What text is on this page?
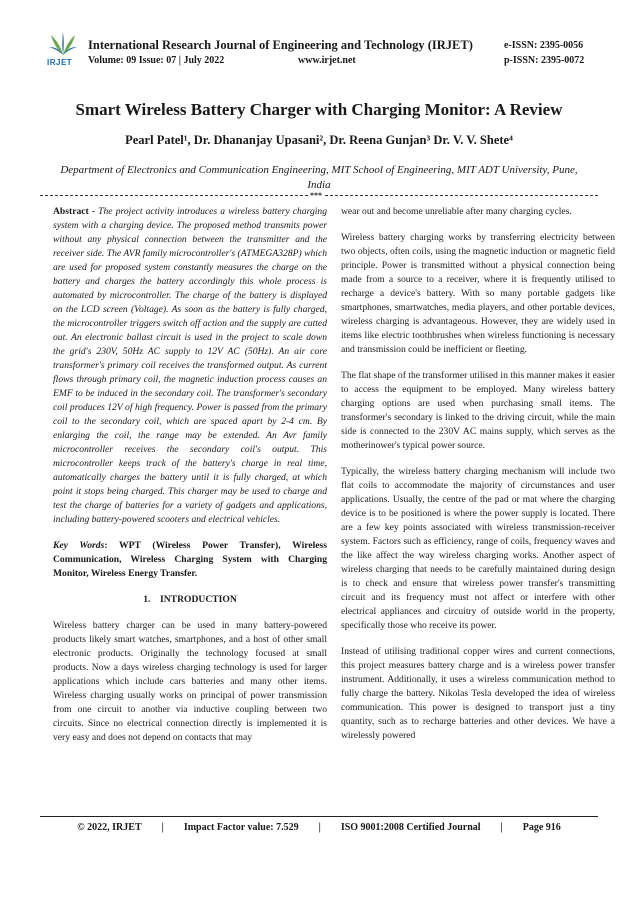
IRJET
International Research Journal of Engineering and Technology (IRJET)	e-ISSN: 2395-0056
Volume: 09 Issue: 07 | July 2022	www.irjet.net	p-ISSN: 2395-0072
Smart Wireless Battery Charger with Charging Monitor: A Review
Pearl Patel¹, Dr. Dhananjay Upasani², Dr. Reena Gunjan³ Dr. V. V. Shete⁴
Department of Electronics and Communication Engineering, MIT School of Engineering, MIT ADT University, Pune, India
***

Abstract - The project activity introduces a wireless battery charging system with a charging device. The proposed method transmits power without any physical connection between the transmitter and the receiver side. The AVR family microcontroller's (ATMEGA328P) which are used for proposed system constantly measures the charge on the battery and charges the battery accordingly this whole process is automated by microcontroller. The charge of the battery is displayed on the LCD screen (Voltage). As soon as the battery is fully charged, the microcontroller triggers switch off action and the supply are cutted out. An electronic ballast circuit is used in the project to scale down the grid's 230V, 50Hz AC supply to 12V AC (50Hz). An air core transformer's primary coil receives the transformed output. As current flows through primary coil, the magnetic induction process causes an EMF to be induced in the secondary coil. The transformer's secondary coil produces 12V of high frequency. Power is passed from the primary coil to the secondary coil, which are spaced apart by 2-4 cm. By enlarging the coil, the range may be extended. An Avr family microcontroller receives the secondary coil's output. This microcontroller keeps track of the battery's charge in real time, automatically charges the battery until it is fully charged, at which point it stops being charged. This charger may be used to charge and test the charge of batteries for a variety of gadgets and applications, including battery-powered scooters and electrical vehicles.

Key Words: WPT (Wireless Power Transfer), Wireless Communication, Wireless Charging System with Charging Monitor, Wireless Energy Transfer.

1.    INTRODUCTION

Wireless battery charger can be used in many battery-powered products likely smart watches, smartphones, and a host of other small electronic products. Originally the technology focused at small products. Now a days wireless charging technology is used for larger applications which include cars batteries and many other items. Wireless charging usually works on principal of power transmission from one circuit to another via inductive coupling between two circuits. Since no electrical connection directly is implemented it is very easy and does not depend on contacts that may

wear out and become unreliable after many charging cycles.

Wireless battery charging works by transferring electricity between two objects, often coils, using the magnetic induction or magnetic field principle. Power is transmitted without a physical connection being made from a source to a receiver, where it is frequently utilised to recharge a device's battery. With so many portable gadgets like smartphones, smartwatches, media players, and other portable devices, wireless charging is advantageous. However, they are widely used in items like electric toothbrushes when wireless functioning is necessary and transmission could be inefficient or fleeting.

The flat shape of the transformer utilised in this manner makes it easier to access the equipment to be employed. Many wireless battery charging options are used when purchasing small items. The transformer's secondary is linked to the driving circuit, while the main side is connected to the 230V AC mains supply, which serves as the motherinower's typical power source.

Typically, the wireless battery charging mechanism will include two flat coils to accommodate the majority of circumstances and user applications. Usually, the centre of the pad or mat where the charging device is to be positioned is where the power supply is located. There are a few key points associated with wireless transmission-receiver system. Factors such as efficiency, range of coils, frequency waves and the like affect the way wireless charging works. Another aspect of wireless charging that needs to be carefully maintained during design is to check and ensure that wireless power transfer's transmitting circuit and its frequency must not affect or interfere with other electrical appliances and circuitry of outside world in the property, specifically those who receive its power.

Instead of utilising traditional copper wires and current connections, this project measures battery charge and is a wireless power transfer instrument. Additionally, it uses a wireless communication method to fully charge the battery. Nikolas Tesla developed the idea of wireless communication. This power is designed to transport just a tiny quantity, such as to recharge batteries and other devices. We have a wirelessly powered

© 2022, IRJET	|	Impact Factor value: 7.529	|	ISO 9001:2008 Certified Journal	|	Page 916
